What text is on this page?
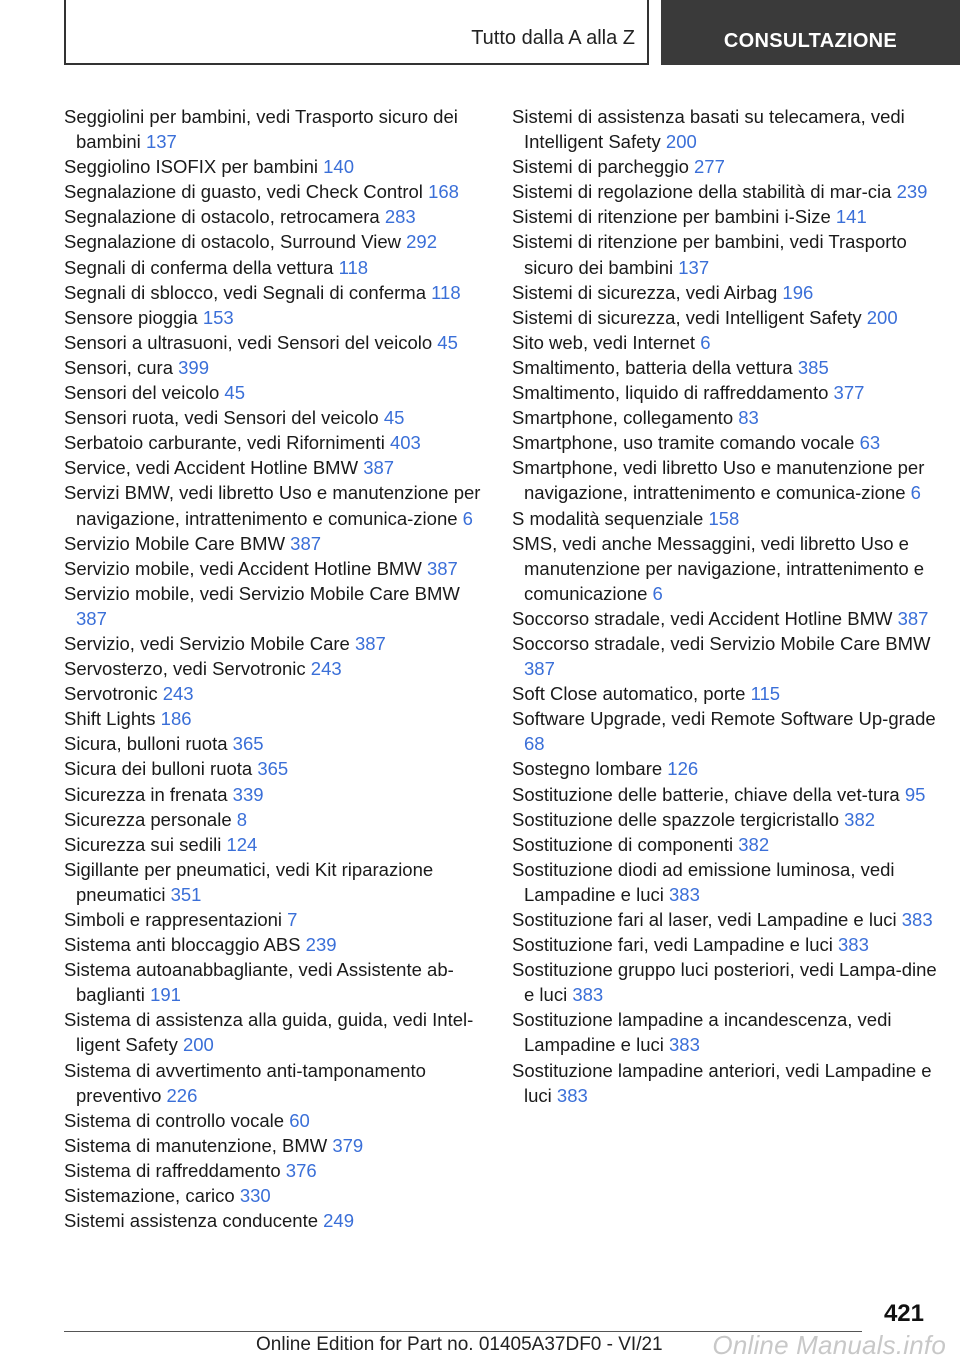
Tutto dalla A alla Z	CONSULTAZIONE
Seggiolini per bambini, vedi Trasporto sicuro dei bambini 137
Seggiolino ISOFIX per bambini 140
Segnalazione di guasto, vedi Check Control 168
Segnalazione di ostacolo, retrocamera 283
Segnalazione di ostacolo, Surround View 292
Segnali di conferma della vettura 118
Segnali di sblocco, vedi Segnali di conferma 118
Sensore pioggia 153
Sensori a ultrasuoni, vedi Sensori del veicolo 45
Sensori, cura 399
Sensori del veicolo 45
Sensori ruota, vedi Sensori del veicolo 45
Serbatoio carburante, vedi Rifornimenti 403
Service, vedi Accident Hotline BMW 387
Servizi BMW, vedi libretto Uso e manutenzione per navigazione, intrattenimento e comunica-zione 6
Servizio Mobile Care BMW 387
Servizio mobile, vedi Accident Hotline BMW 387
Servizio mobile, vedi Servizio Mobile Care BMW 387
Servizio, vedi Servizio Mobile Care 387
Servosterzo, vedi Servotronic 243
Servotronic 243
Shift Lights 186
Sicura, bulloni ruota 365
Sicura dei bulloni ruota 365
Sicurezza in frenata 339
Sicurezza personale 8
Sicurezza sui sedili 124
Sigillante per pneumatici, vedi Kit riparazione pneumatici 351
Simboli e rappresentazioni 7
Sistema anti bloccaggio ABS 239
Sistema autoanabbagliante, vedi Assistente ab-baglianti 191
Sistema di assistenza alla guida, guida, vedi Intel-ligent Safety 200
Sistema di avvertimento anti-tamponamento preventivo 226
Sistema di controllo vocale 60
Sistema di manutenzione, BMW 379
Sistema di raffreddamento 376
Sistemazione, carico 330
Sistemi assistenza conducente 249
Sistemi di assistenza basati su telecamera, vedi Intelligent Safety 200
Sistemi di parcheggio 277
Sistemi di regolazione della stabilità di mar-cia 239
Sistemi di ritenzione per bambini i-Size 141
Sistemi di ritenzione per bambini, vedi Trasporto sicuro dei bambini 137
Sistemi di sicurezza, vedi Airbag 196
Sistemi di sicurezza, vedi Intelligent Safety 200
Sito web, vedi Internet 6
Smaltimento, batteria della vettura 385
Smaltimento, liquido di raffreddamento 377
Smartphone, collegamento 83
Smartphone, uso tramite comando vocale 63
Smartphone, vedi libretto Uso e manutenzione per navigazione, intrattenimento e comunica-zione 6
S modalità sequenziale 158
SMS, vedi anche Messaggini, vedi libretto Uso e manutenzione per navigazione, intrattenimento e comunicazione 6
Soccorso stradale, vedi Accident Hotline BMW 387
Soccorso stradale, vedi Servizio Mobile Care BMW 387
Soft Close automatico, porte 115
Software Upgrade, vedi Remote Software Up-grade 68
Sostegno lombare 126
Sostituzione delle batterie, chiave della vet-tura 95
Sostituzione delle spazzole tergicristallo 382
Sostituzione di componenti 382
Sostituzione diodi ad emissione luminosa, vedi Lampadine e luci 383
Sostituzione fari al laser, vedi Lampadine e luci 383
Sostituzione fari, vedi Lampadine e luci 383
Sostituzione gruppo luci posteriori, vedi Lampa-dine e luci 383
Sostituzione lampadine a incandescenza, vedi Lampadine e luci 383
Sostituzione lampadine anteriori, vedi Lampadine e luci 383
421
Online Edition for Part no. 01405A37DF0 - VI/21 Online Manuals.info
